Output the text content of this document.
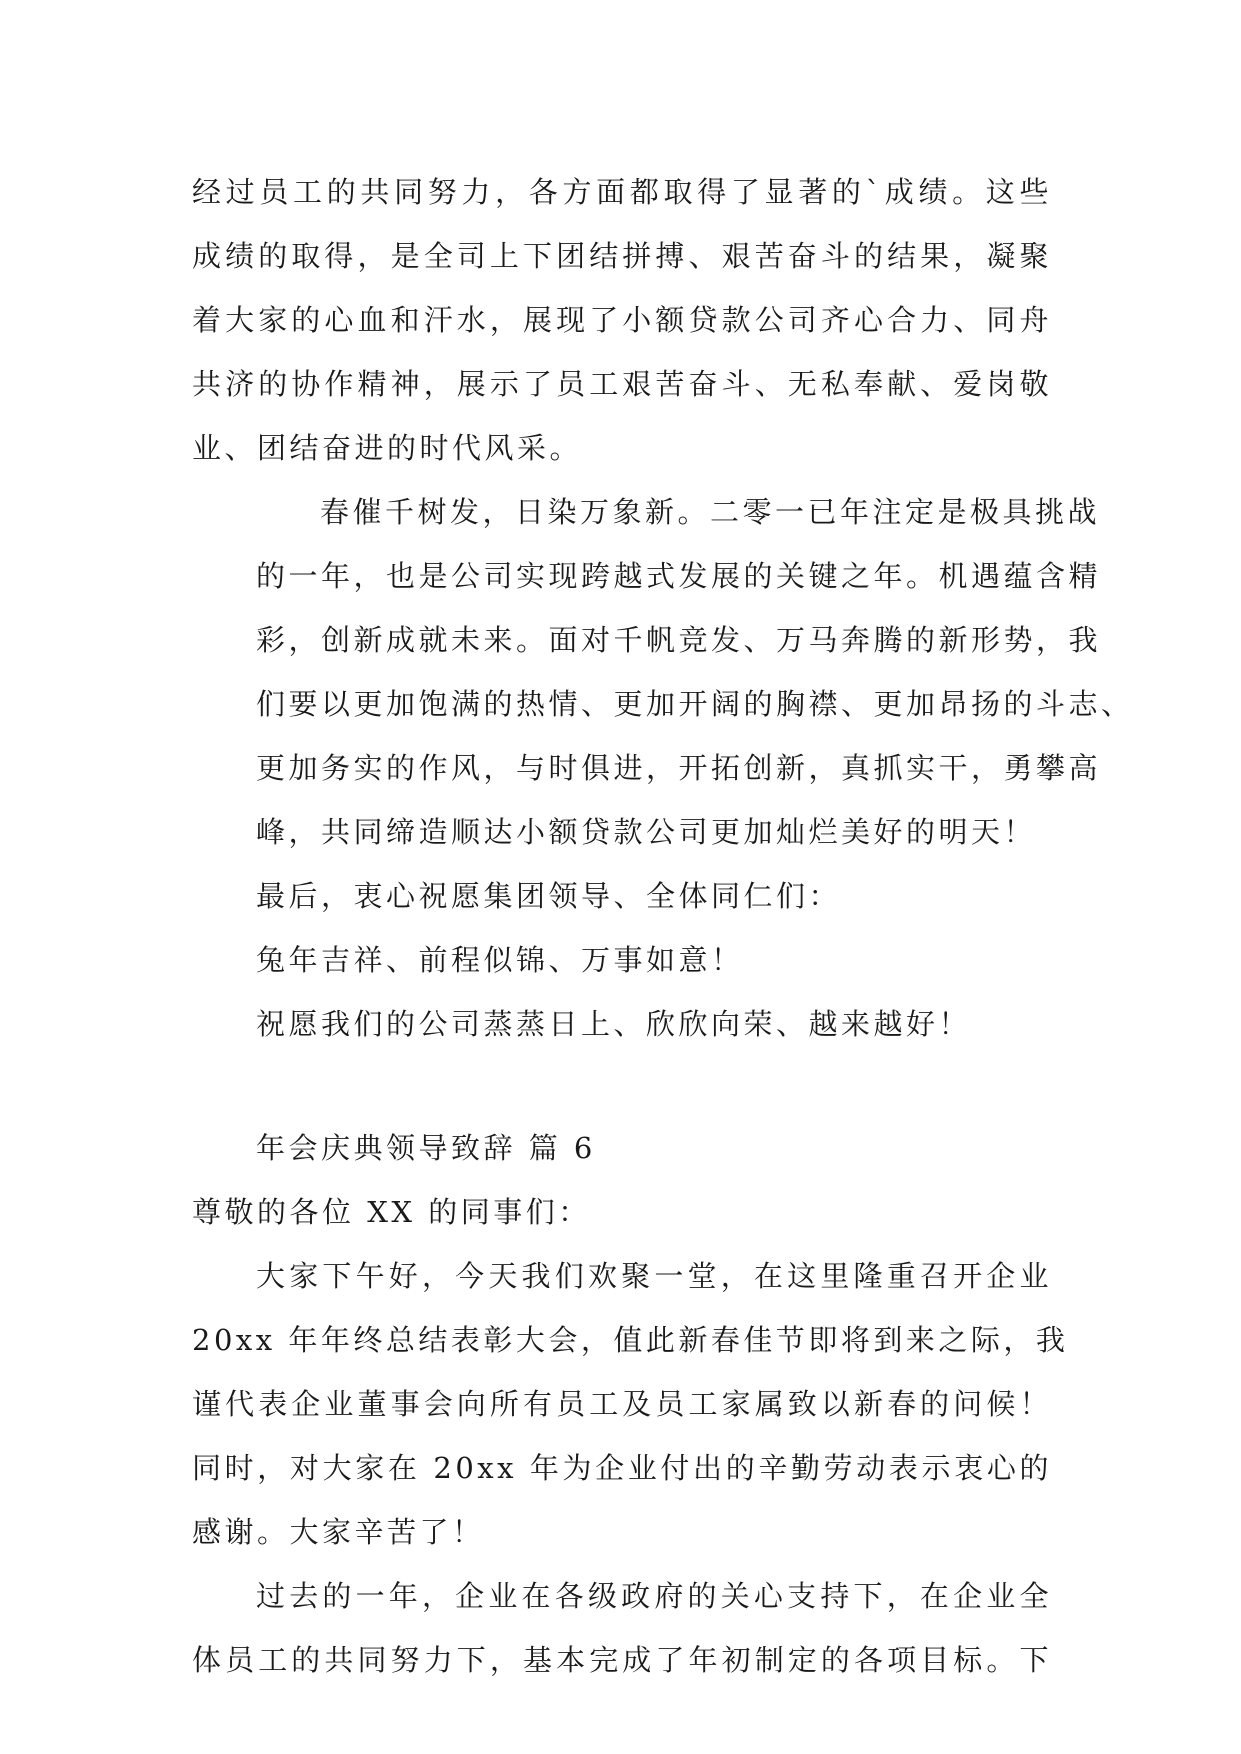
经过员工的共同努力，各方面都取得了显著的`成绩。这些
成绩的取得，是全司上下团结拼搏、艰苦奋斗的结果，凝聚
着大家的心血和汗水，展现了小额贷款公司齐心合力、同舟
共济的协作精神，展示了员工艰苦奋斗、无私奉献、爱岗敬
业、团结奋进的时代风采。
春催千树发，日染万象新。二零一已年注定是极具挑战
的一年，也是公司实现跨越式发展的关键之年。机遇蕴含精
彩，创新成就未来。面对千帆竞发、万马奔腾的新形势，我
们要以更加饱满的热情、更加开阔的胸襟、更加昂扬的斗志、
更加务实的作风，与时俱进，开拓创新，真抓实干，勇攀高
峰，共同缔造顺达小额贷款公司更加灿烂美好的明天！
最后，衷心祝愿集团领导、全体同仁们：
兔年吉祥、前程似锦、万事如意！
祝愿我们的公司蒸蒸日上、欣欣向荣、越来越好！

年会庆典领导致辞 篇 6

尊敬的各位 XX 的同事们：

大家下午好，今天我们欢聚一堂，在这里隆重召开企业
20xx 年年终总结表彰大会，值此新春佳节即将到来之际，我
谨代表企业董事会向所有员工及员工家属致以新春的问候！
同时，对大家在 20xx 年为企业付出的辛勤劳动表示衷心的
感谢。大家辛苦了！
过去的一年，企业在各级政府的关心支持下，在企业全
体员工的共同努力下，基本完成了年初制定的各项目标。下
